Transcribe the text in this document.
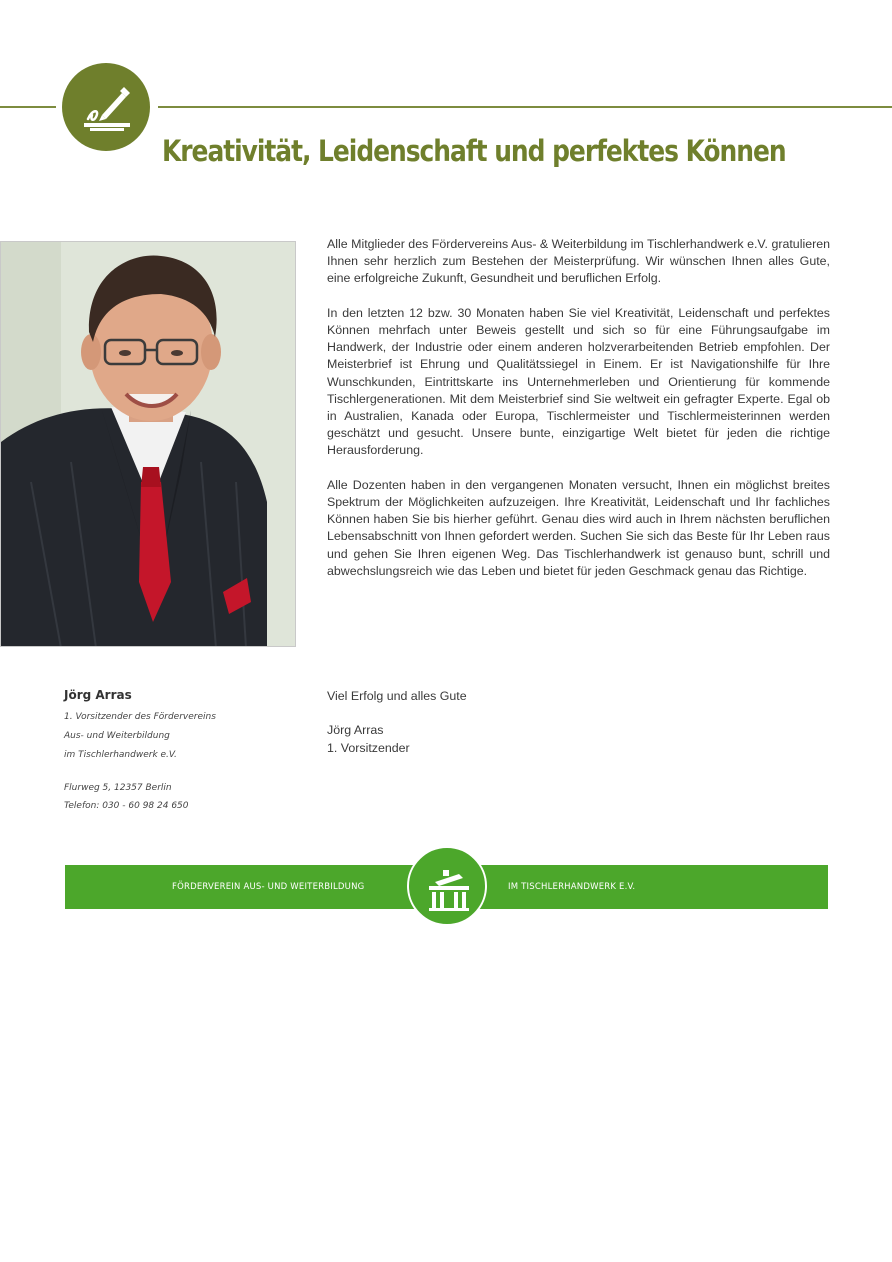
Kreativität, Leidenschaft und perfektes Können
Jörg Arras
1. Vorsitzender des Fördervereins
Aus- und Weiterbildung
im Tischlerhandwerk e.V.
Flurweg 5, 12357 Berlin
Telefon: 030 - 60 98 24 650

Alle Mitglieder des Fördervereins Aus- & Weiterbildung im Tischlerhandwerk e.V. gratulieren Ihnen sehr herzlich zum Bestehen der Meisterprüfung. Wir wünschen Ihnen alles Gute, eine erfolgreiche Zukunft, Gesundheit und beruflichen Erfolg.

In den letzten 12 bzw. 30 Monaten haben Sie viel Kreativität, Leidenschaft und perfektes Können mehrfach unter Beweis gestellt und sich so für eine Führungsaufgabe im Handwerk, der Industrie oder einem anderen holzverarbeitenden Betrieb empfohlen. Der Meisterbrief ist Ehrung und Qualitätssiegel in Einem. Er ist Navigationshilfe für Ihre Wunschkunden, Eintrittskarte ins Unternehmerleben und Orientierung für kommende Tischlergenerationen. Mit dem Meisterbrief sind Sie weltweit ein gefragter Experte. Egal ob in Australien, Kanada oder Europa, Tischlermeister und Tischlermeisterinnen werden geschätzt und gesucht. Unsere bunte, einzigartige Welt bietet für jeden die richtige Herausforderung.

Alle Dozenten haben in den vergangenen Monaten versucht, Ihnen ein möglichst breites Spektrum der Möglichkeiten aufzuzeigen. Ihre Kreativität, Leidenschaft und Ihr fachliches Können haben Sie bis hierher geführt. Genau dies wird auch in Ihrem nächsten beruflichen Lebensabschnitt von Ihnen gefordert werden. Suchen Sie sich das Beste für Ihr Leben raus und gehen Sie Ihren eigenen Weg. Das Tischlerhandwerk ist genauso bunt, schrill und abwechslungsreich wie das Leben und bietet für jeden Geschmack genau das Richtige.

Viel Erfolg und alles Gute
Jörg Arras
1. Vorsitzender
FÖRDERVEREIN AUS- UND WEITERBILDUNG	IM TISCHLERHANDWERK E.V.
